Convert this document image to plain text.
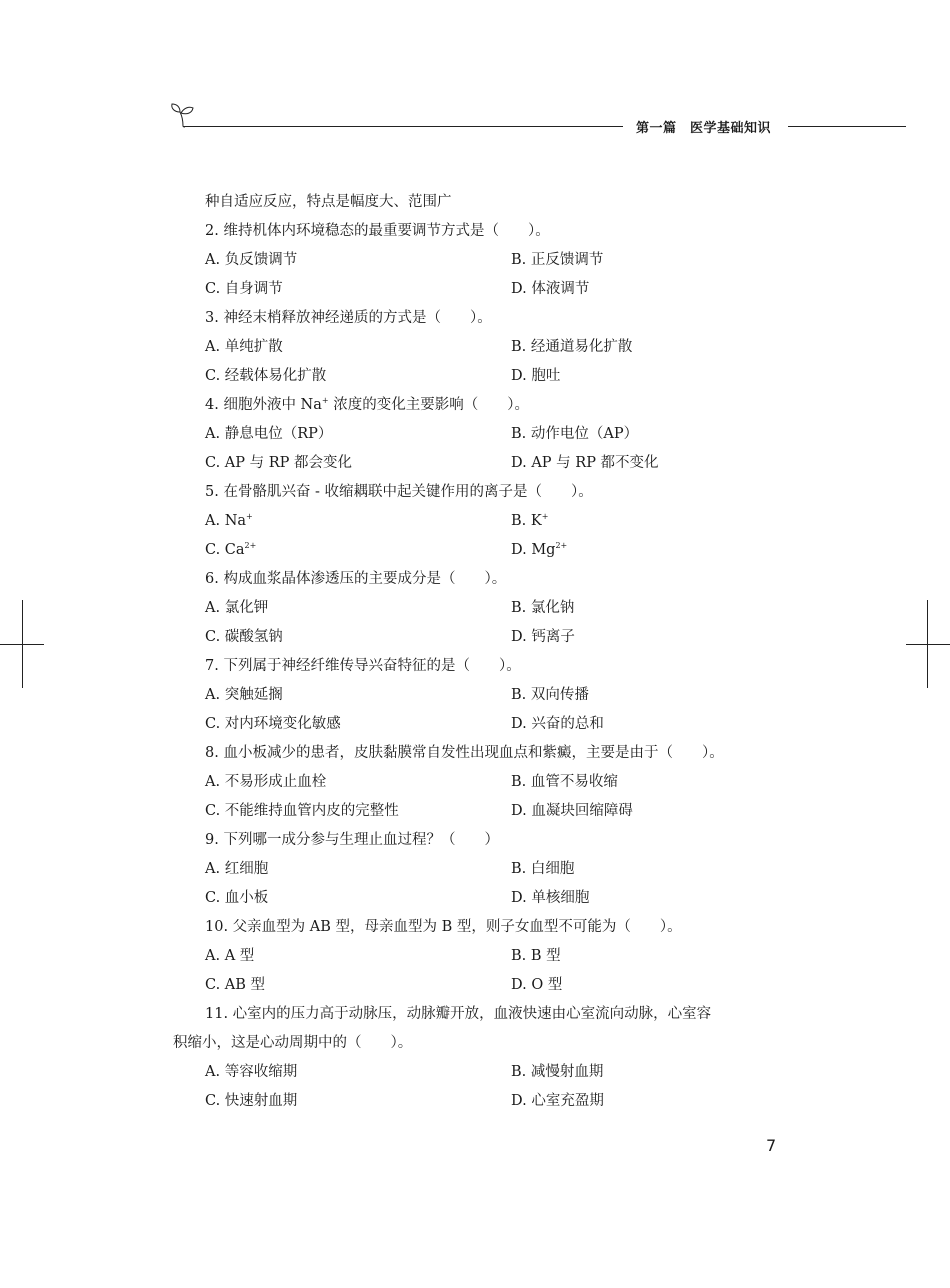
第一篇　医学基础知识
种自适应反应，特点是幅度大、范围广
2. 维持机体内环境稳态的最重要调节方式是（　　）。
A. 负反馈调节	B. 正反馈调节
C. 自身调节	D. 体液调节
3. 神经末梢释放神经递质的方式是（　　）。
A. 单纯扩散	B. 经通道易化扩散
C. 经载体易化扩散	D. 胞吐
4. 细胞外液中 Na+ 浓度的变化主要影响（　　）。
A. 静息电位（RP）	B. 动作电位（AP）
C. AP 与 RP 都会变化	D. AP 与 RP 都不变化
5. 在骨骼肌兴奋 - 收缩耦联中起关键作用的离子是（　　）。
A. Na+	B. K+
C. $Ca^{2+}$	D. $Mg^{2+}$
6. 构成血浆晶体渗透压的主要成分是（　　）。
A. 氯化钾	B. 氯化钠
C. 碳酸氢钠	D. 钙离子
7. 下列属于神经纤维传导兴奋特征的是（　　）。
A. 突触延搁	B. 双向传播
C. 对内环境变化敏感	D. 兴奋的总和
8. 血小板减少的患者，皮肤黏膜常自发性出现血点和紫癜，主要是由于（　　）。
A. 不易形成止血栓	B. 血管不易收缩
C. 不能维持血管内皮的完整性	D. 血凝块回缩障碍
9. 下列哪一成分参与生理止血过程？（　　）
A. 红细胞	B. 白细胞
C. 血小板	D. 单核细胞
10. 父亲血型为 AB 型，母亲血型为 B 型，则子女血型不可能为（　　）。
A. A 型	B. B 型
C. AB 型	D. O 型
11. 心室内的压力高于动脉压，动脉瓣开放，血液快速由心室流向动脉，心室容
积缩小，这是心动周期中的（　　）。
A. 等容收缩期	B. 减慢射血期
C. 快速射血期	D. 心室充盈期
7
